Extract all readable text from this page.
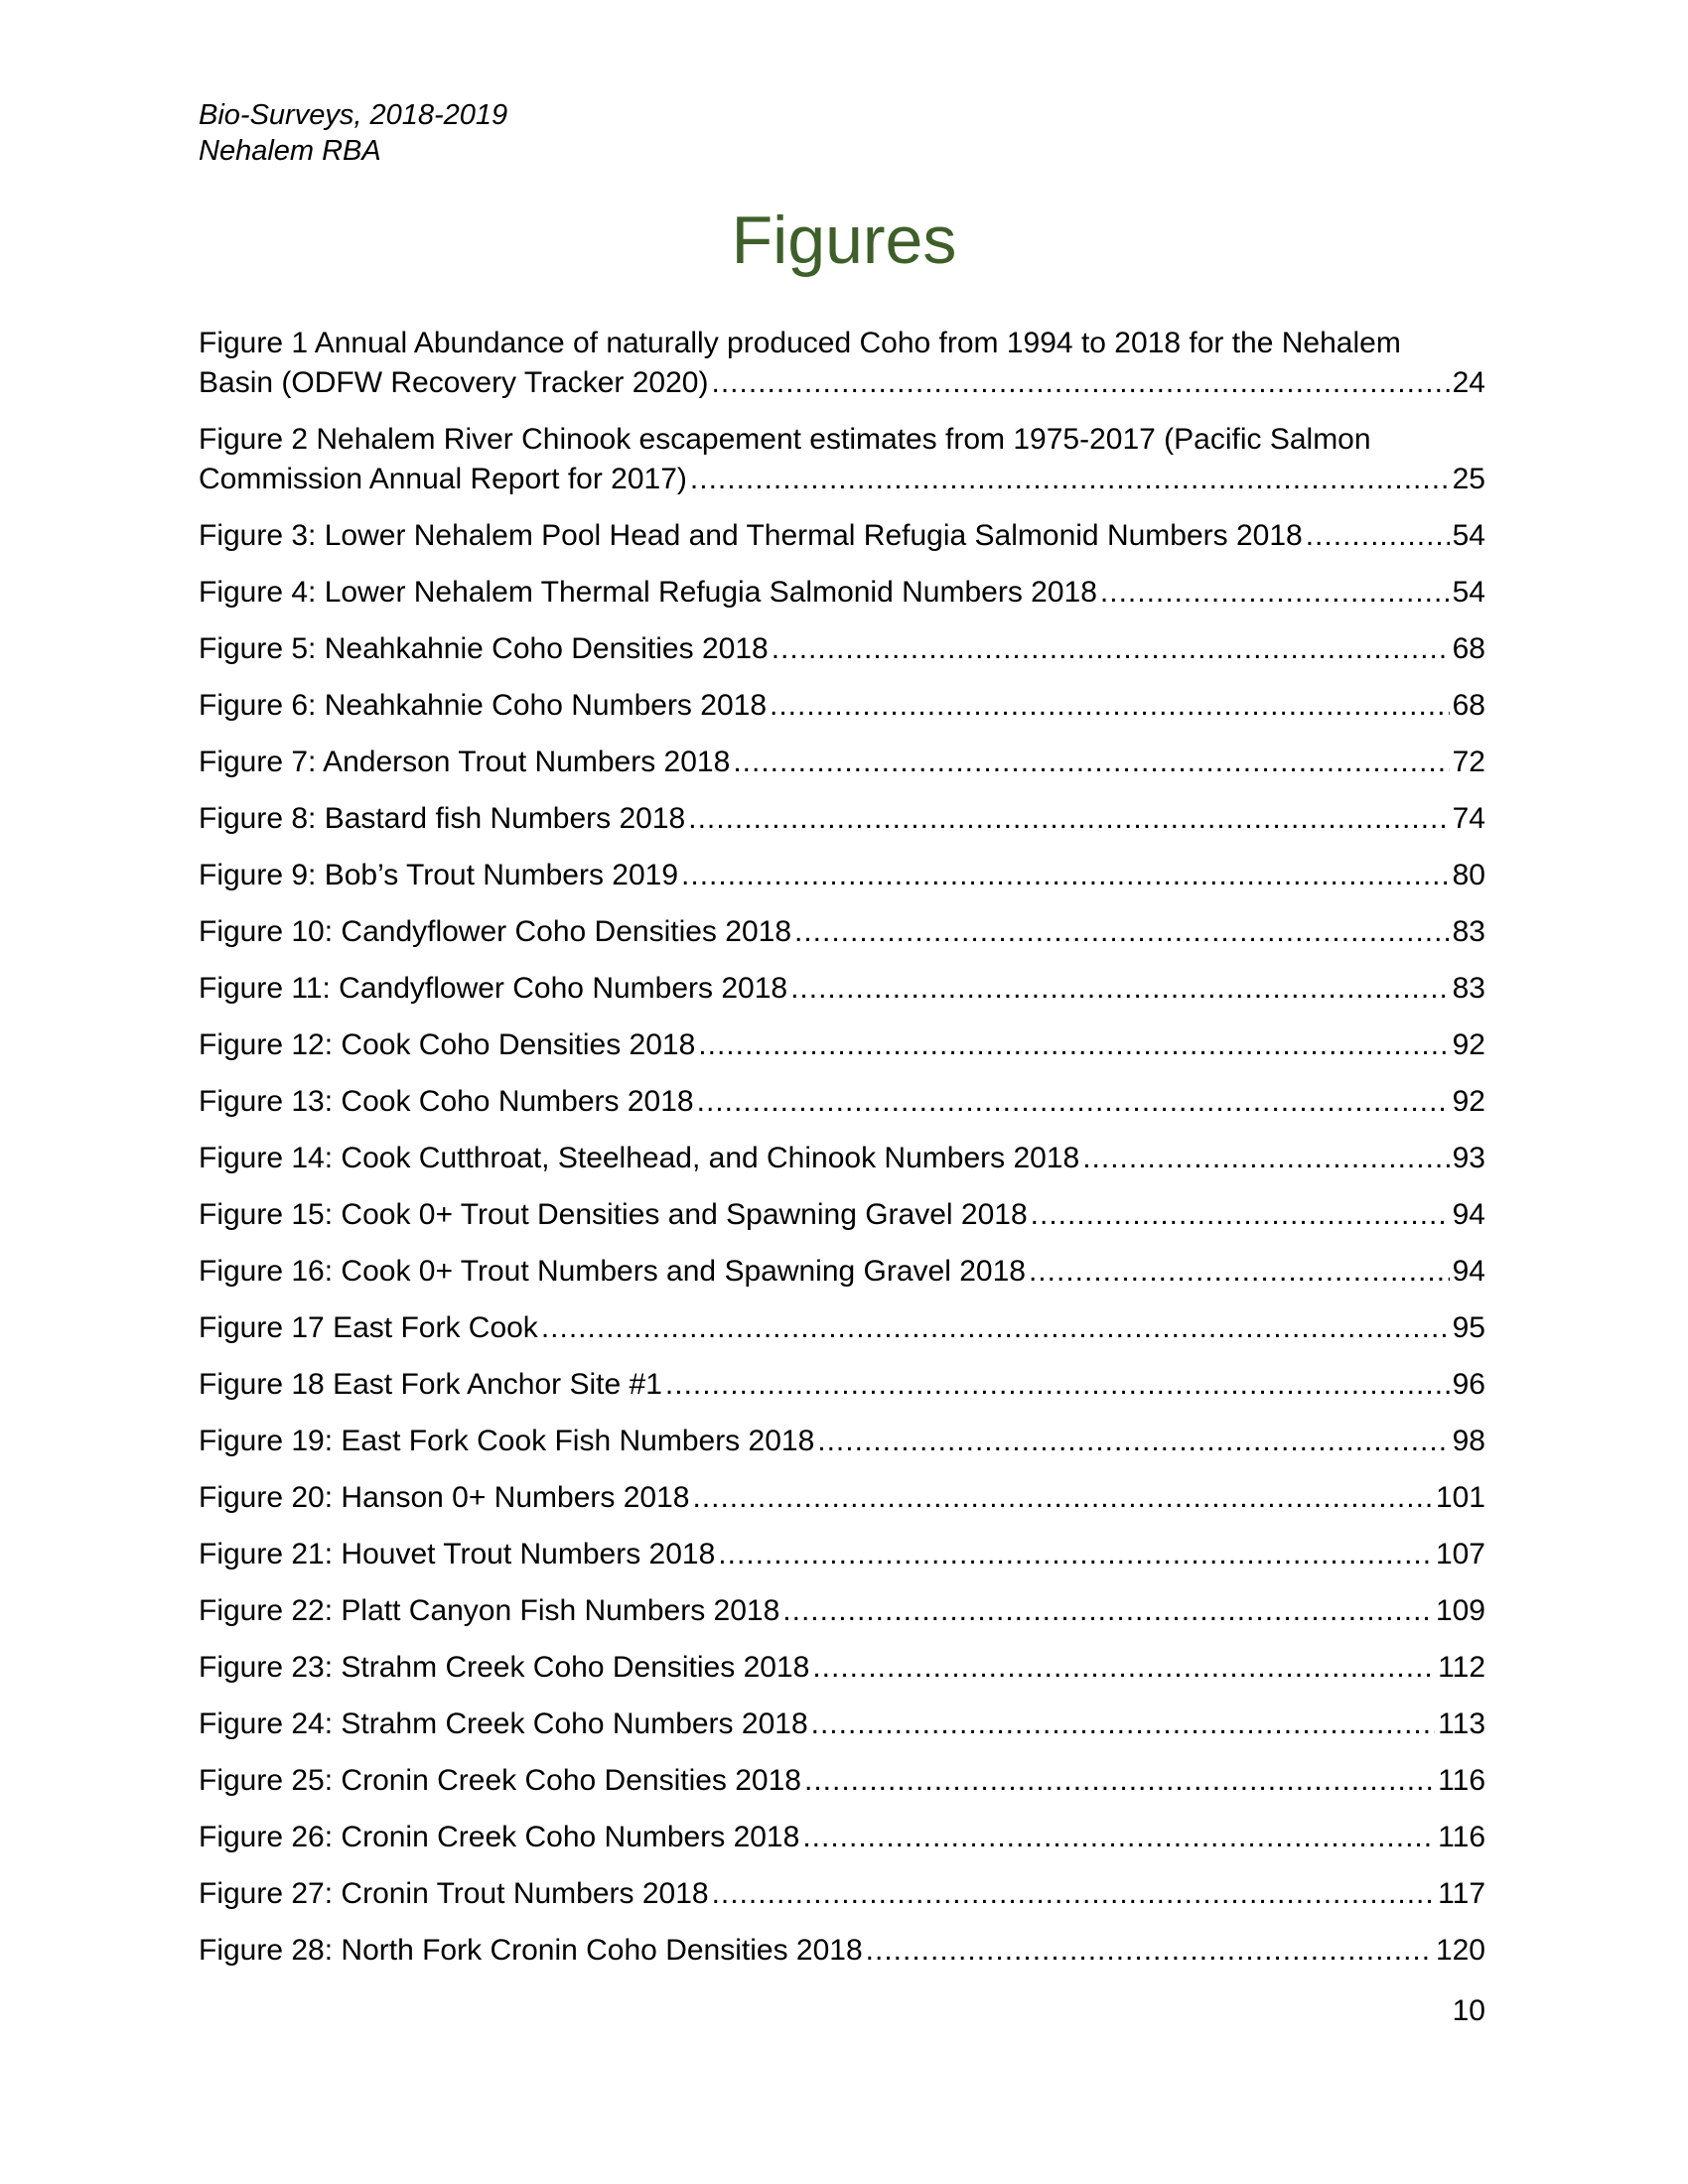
Bio-Surveys, 2018-2019
Nehalem RBA
Figures
Figure 1 Annual Abundance of naturally produced Coho from 1994 to 2018 for the Nehalem
Basin (ODFW Recovery Tracker 2020) .....	24
Figure 2 Nehalem River Chinook escapement estimates from 1975-2017 (Pacific Salmon
Commission Annual Report for 2017) .....	25
Figure 3: Lower Nehalem Pool Head and Thermal Refugia Salmonid Numbers 2018 .....	54
Figure 4: Lower Nehalem Thermal Refugia Salmonid Numbers 2018 .....	54
Figure 5: Neahkahnie Coho Densities 2018 .....	68
Figure 6: Neahkahnie Coho Numbers 2018 .....	68
Figure 7: Anderson Trout Numbers 2018 .....	72
Figure 8: Bastard fish Numbers 2018 .....	74
Figure 9: Bob’s Trout Numbers 2019 .....	80
Figure 10: Candyflower Coho Densities 2018 .....	83
Figure 11: Candyflower Coho Numbers 2018 .....	83
Figure 12: Cook Coho Densities 2018 .....	92
Figure 13: Cook Coho Numbers 2018 .....	92
Figure 14: Cook Cutthroat, Steelhead, and Chinook Numbers 2018 .....	93
Figure 15: Cook 0+ Trout Densities and Spawning Gravel 2018 .....	94
Figure 16: Cook 0+ Trout Numbers and Spawning Gravel 2018 .....	94
Figure 17 East Fork Cook .....	95
Figure 18 East Fork Anchor Site #1 .....	96
Figure 19: East Fork Cook Fish Numbers 2018 .....	98
Figure 20: Hanson 0+ Numbers 2018 .....	101
Figure 21: Houvet Trout Numbers 2018 .....	107
Figure 22: Platt Canyon Fish Numbers 2018 .....	109
Figure 23: Strahm Creek Coho Densities 2018 .....	112
Figure 24: Strahm Creek Coho Numbers 2018 .....	113
Figure 25: Cronin Creek Coho Densities 2018 .....	116
Figure 26: Cronin Creek Coho Numbers 2018 .....	116
Figure 27: Cronin Trout Numbers 2018 .....	117
Figure 28: North Fork Cronin Coho Densities 2018 .....	120
10
